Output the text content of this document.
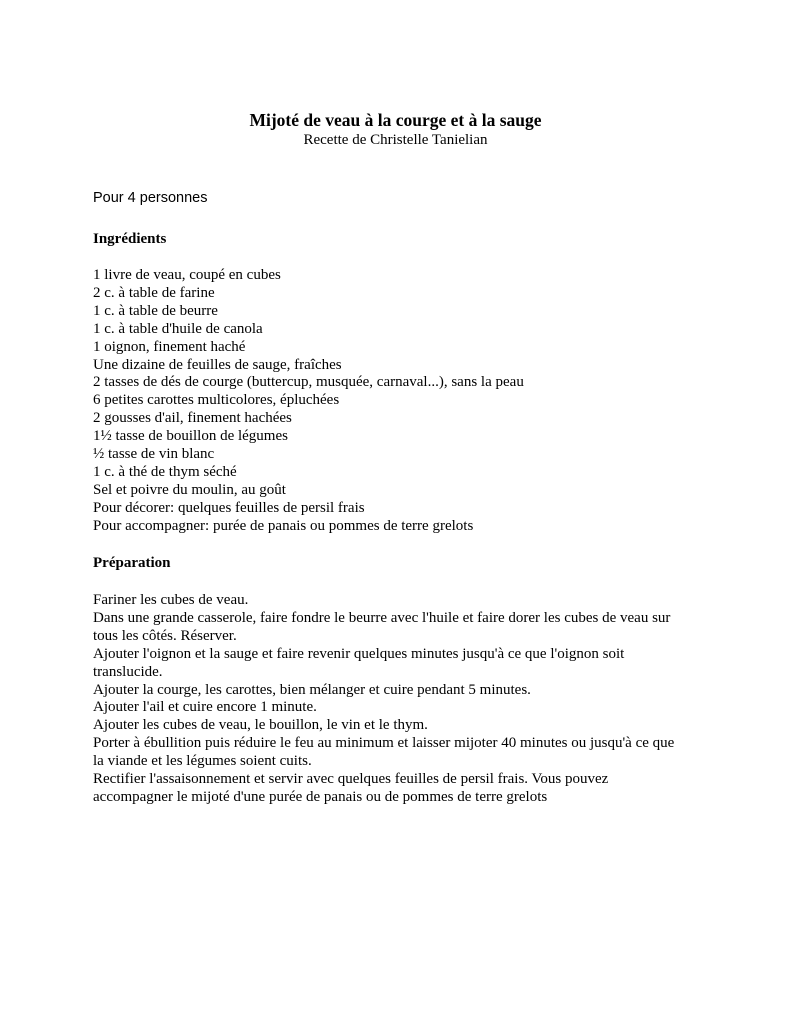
Mijoté de veau à la courge et à la sauge
Recette de Christelle Tanielian
Pour 4 personnes
Ingrédients
1 livre de veau, coupé en cubes
2 c. à table de farine
1 c. à table de beurre
1 c. à table d'huile de canola
1 oignon, finement haché
Une dizaine de feuilles de sauge, fraîches
2 tasses de dés de courge (buttercup, musquée, carnaval...), sans la peau
6 petites carottes multicolores, épluchées
2 gousses d'ail, finement hachées
1½ tasse de bouillon de légumes
½ tasse de vin blanc
1 c. à thé de thym séché
Sel et poivre du moulin, au goût
Pour décorer: quelques feuilles de persil frais
Pour accompagner: purée de panais ou pommes de terre grelots
Préparation
Fariner les cubes de veau.
Dans une grande casserole, faire fondre le beurre avec l'huile et faire dorer les cubes de veau sur
tous les côtés. Réserver.
Ajouter l'oignon et la sauge et faire revenir quelques minutes jusqu'à ce que l'oignon soit
translucide.
Ajouter la courge, les carottes, bien mélanger et cuire pendant 5 minutes.
Ajouter l'ail et cuire encore 1 minute.
Ajouter les cubes de veau, le bouillon, le vin et le thym.
Porter à ébullition puis réduire le feu au minimum et laisser mijoter 40 minutes ou jusqu'à ce que
la viande et les légumes soient cuits.
Rectifier l'assaisonnement et servir avec quelques feuilles de persil frais. Vous pouvez
accompagner le mijoté d'une purée de panais ou de pommes de terre grelots
